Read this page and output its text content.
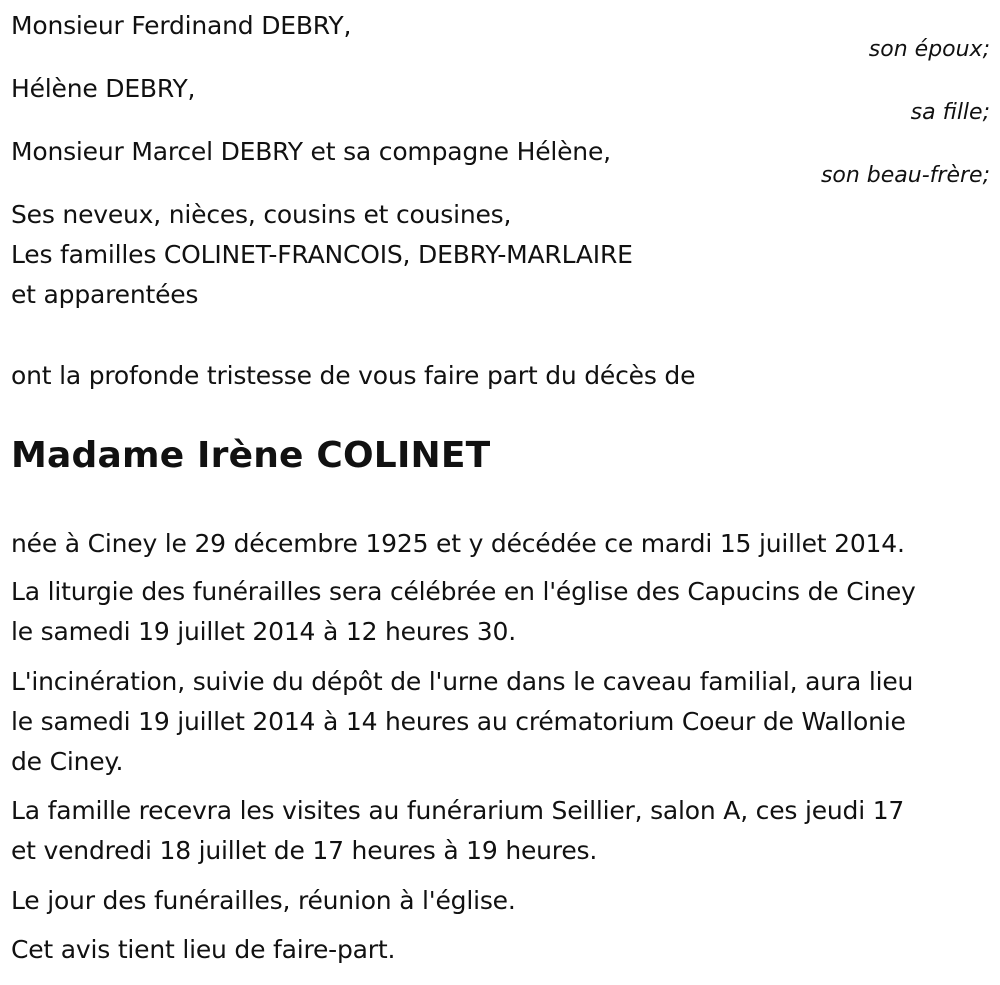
Monsieur Ferdinand DEBRY,
son époux;
Hélène DEBRY,
sa fille;
Monsieur Marcel DEBRY et sa compagne Hélène,
son beau-frère;
Ses neveux, nièces, cousins et cousines,
Les familles COLINET-FRANCOIS, DEBRY-MARLAIRE
et apparentées
ont la profonde tristesse de vous faire part du décès de
Madame Irène COLINET
née à Ciney le 29 décembre 1925 et y décédée ce mardi 15 juillet 2014.
La liturgie des funérailles sera célébrée en l'église des Capucins de Ciney
le samedi 19 juillet 2014 à 12 heures 30.
L'incinération, suivie du dépôt de l'urne dans le caveau familial, aura lieu
le samedi 19 juillet 2014 à 14 heures au crématorium Coeur de Wallonie
de Ciney.
La famille recevra les visites au funérarium Seillier, salon A, ces jeudi 17
et vendredi 18 juillet de 17 heures à 19 heures.
Le jour des funérailles, réunion à l'église.
Cet avis tient lieu de faire-part.
